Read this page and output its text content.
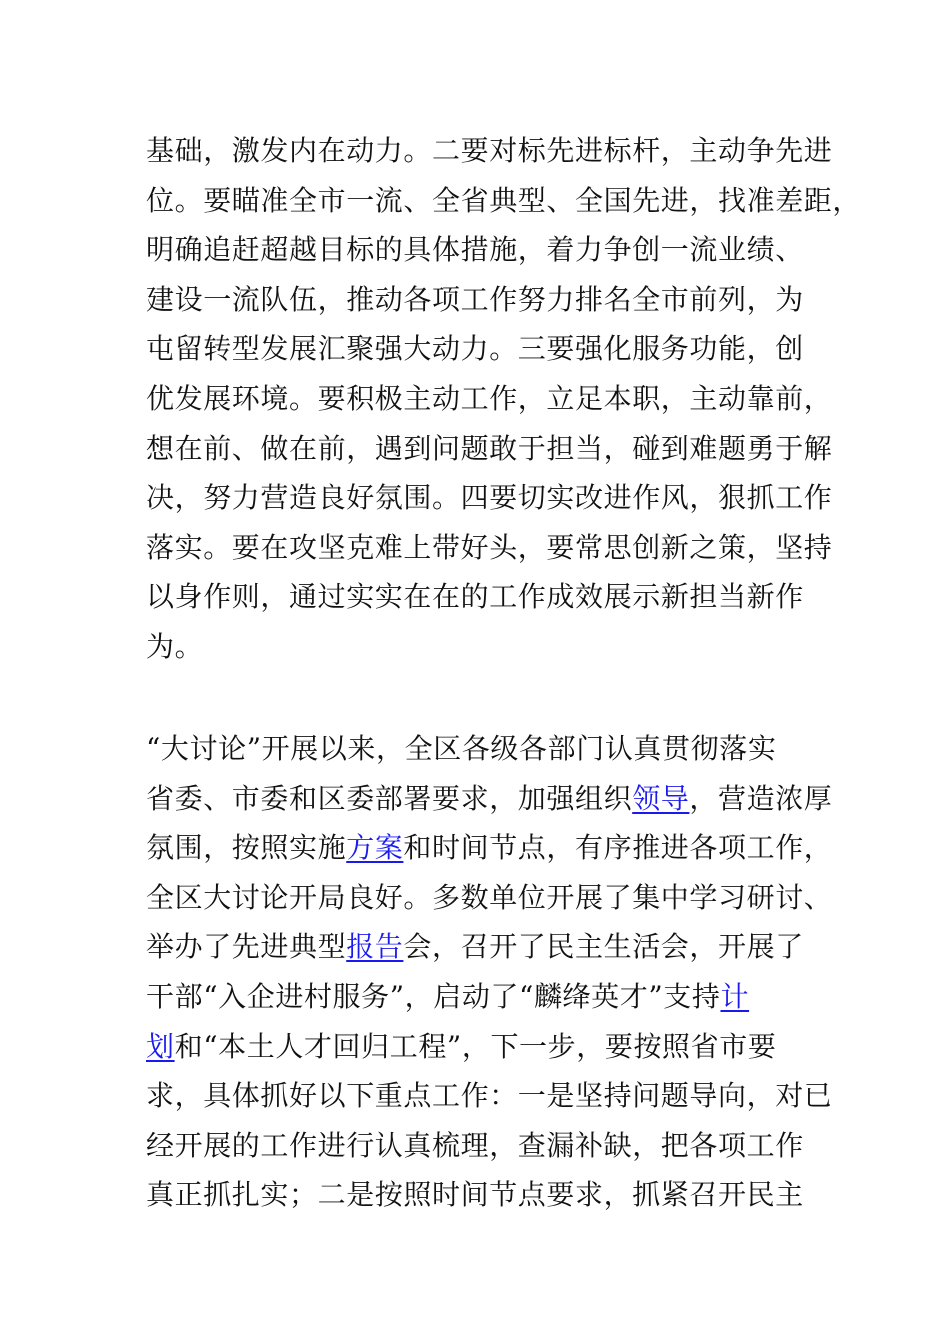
基础，激发内在动力。二要对标先进标杆，主动争先进
位。要瞄准全市一流、全省典型、全国先进，找准差距，
明确追赶超越目标的具体措施，着力争创一流业绩、
建设一流队伍，推动各项工作努力排名全市前列，为
屯留转型发展汇聚强大动力。三要强化服务功能，创
优发展环境。要积极主动工作，立足本职，主动靠前，
想在前、做在前，遇到问题敢于担当，碰到难题勇于解
决，努力营造良好氛围。四要切实改进作风，狠抓工作
落实。要在攻坚克难上带好头，要常思创新之策，坚持
以身作则，通过实实在在的工作成效展示新担当新作
为。
“大讨论”开展以来，全区各级各部门认真贯彻落实
省委、市委和区委部署要求，加强组织领导，营造浓厚
氛围，按照实施方案和时间节点，有序推进各项工作，
全区大讨论开局良好。多数单位开展了集中学习研讨、
举办了先进典型报告会，召开了民主生活会，开展了
干部“入企进村服务”，启动了“麟绛英才”支持计
划和“本土人才回归工程”，下一步，要按照省市要
求，具体抓好以下重点工作：一是坚持问题导向，对已
经开展的工作进行认真梳理，查漏补缺，把各项工作
真正抓扎实；二是按照时间节点要求，抓紧召开民主
